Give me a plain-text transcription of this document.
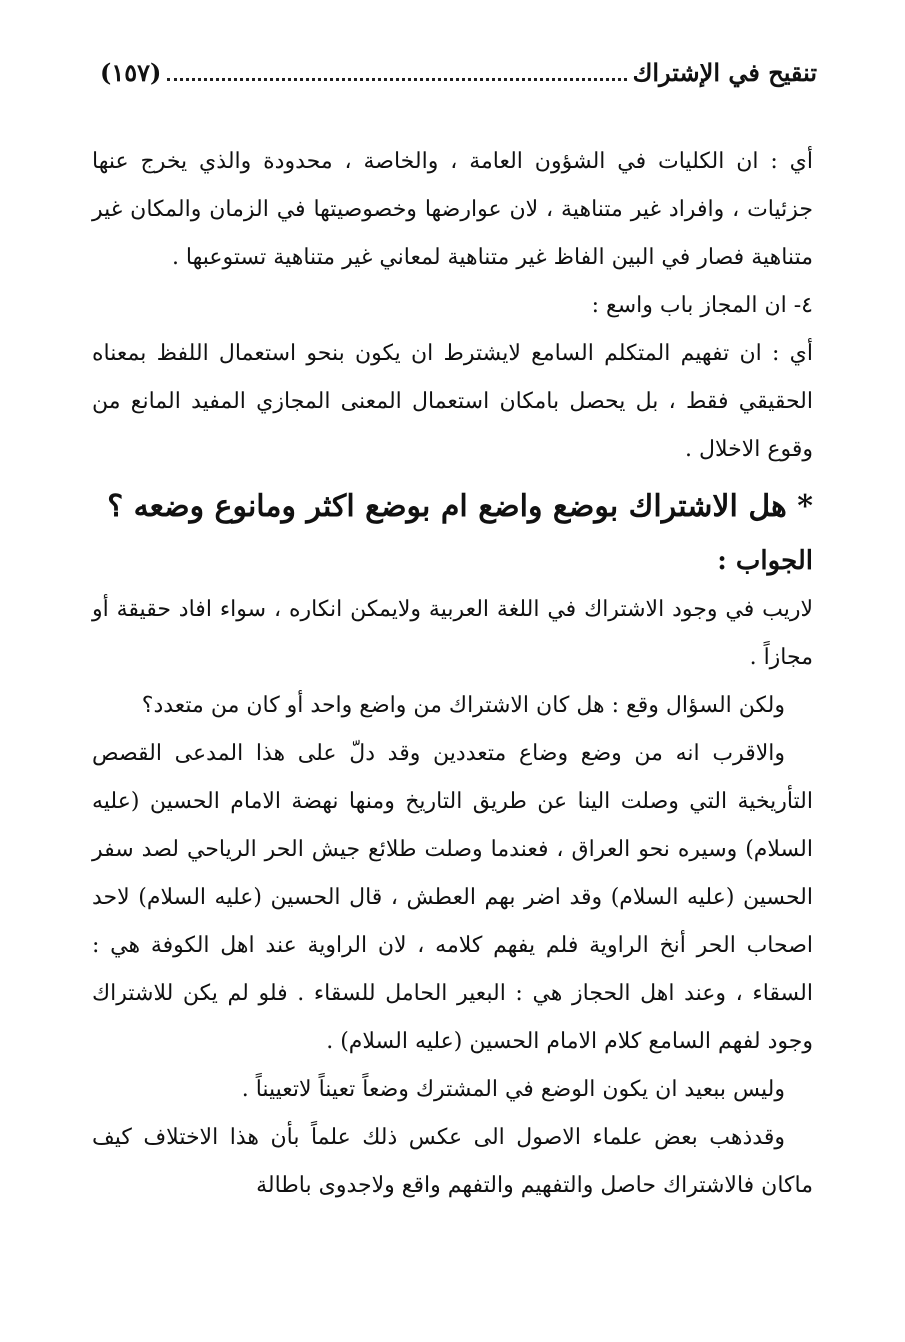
تنقيح في الإشتراك
(١٥٧)

أي : ان الكليات في الشؤون العامة ، والخاصة ، محدودة والذي يخرج عنها جزئيات ، وافراد غير متناهية ، لان عوارضها وخصوصيتها في الزمان والمكان غير متناهية فصار في البين الفاظ غير متناهية لمعاني غير متناهية تستوعبها .

٤- ان المجاز باب واسع :

أي : ان تفهيم المتكلم السامع لايشترط ان يكون بنحو استعمال اللفظ بمعناه الحقيقي فقط ، بل يحصل بامكان استعمال المعنى المجازي المفيد المانع من وقوع الاخلال .

* هل الاشتراك بوضع واضع ام بوضع اكثر ومانوع وضعه ؟

الجواب :

لاريب في وجود الاشتراك في اللغة العربية ولايمكن انكاره ، سواء افاد حقيقة أو مجازاً .

ولكن السؤال وقع : هل كان الاشتراك من واضع واحد أو كان من متعدد؟

والاقرب انه من وضع وضاع متعددين وقد دلّ على هذا المدعى القصص التأريخية التي وصلت الينا عن طريق التاريخ ومنها نهضة الامام الحسين (عليه السلام) وسيره نحو العراق ، فعندما وصلت طلائع جيش الحر الرياحي لصد سفر الحسين (عليه السلام) وقد اضر بهم العطش ، قال الحسين (عليه السلام) لاحد اصحاب الحر أنخ الراوية فلم يفهم كلامه ، لان الراوية عند اهل الكوفة هي : السقاء ، وعند اهل الحجاز هي : البعير الحامل للسقاء . فلو لم يكن للاشتراك وجود لفهم السامع كلام الامام الحسين (عليه السلام) .

وليس ببعيد ان يكون الوضع في المشترك وضعاً تعيناً لاتعييناً .

وقدذهب بعض علماء الاصول الى عكس ذلك علماً بأن هذا الاختلاف كيف ماكان فالاشتراك حاصل والتفهيم والتفهم واقع ولاجدوى باطالة
